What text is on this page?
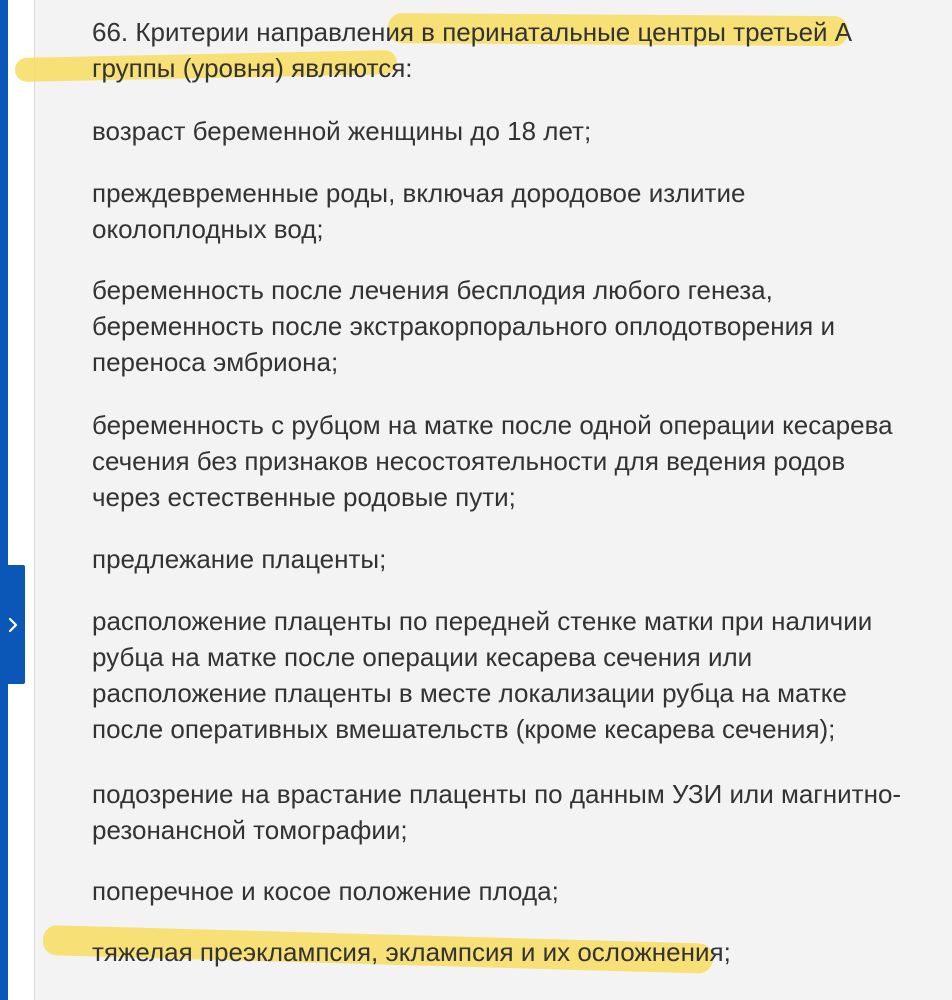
66. Критерии направления в перинатальные центры третьей А
группы (уровня) являются:

возраст беременной женщины до 18 лет;

преждевременные роды, включая дородовое излитие
околоплодных вод;

беременность после лечения бесплодия любого генеза,
беременность после экстракорпорального оплодотворения и
переноса эмбриона;

беременность с рубцом на матке после одной операции кесарева
сечения без признаков несостоятельности для ведения родов
через естественные родовые пути;

предлежание плаценты;

расположение плаценты по передней стенке матки при наличии
рубца на матке после операции кесарева сечения или
расположение плаценты в месте локализации рубца на матке
после оперативных вмешательств (кроме кесарева сечения);

подозрение на врастание плаценты по данным УЗИ или магнитно-
резонансной томографии;

поперечное и косое положение плода;

тяжелая преэклампсия, эклампсия и их осложнения;
